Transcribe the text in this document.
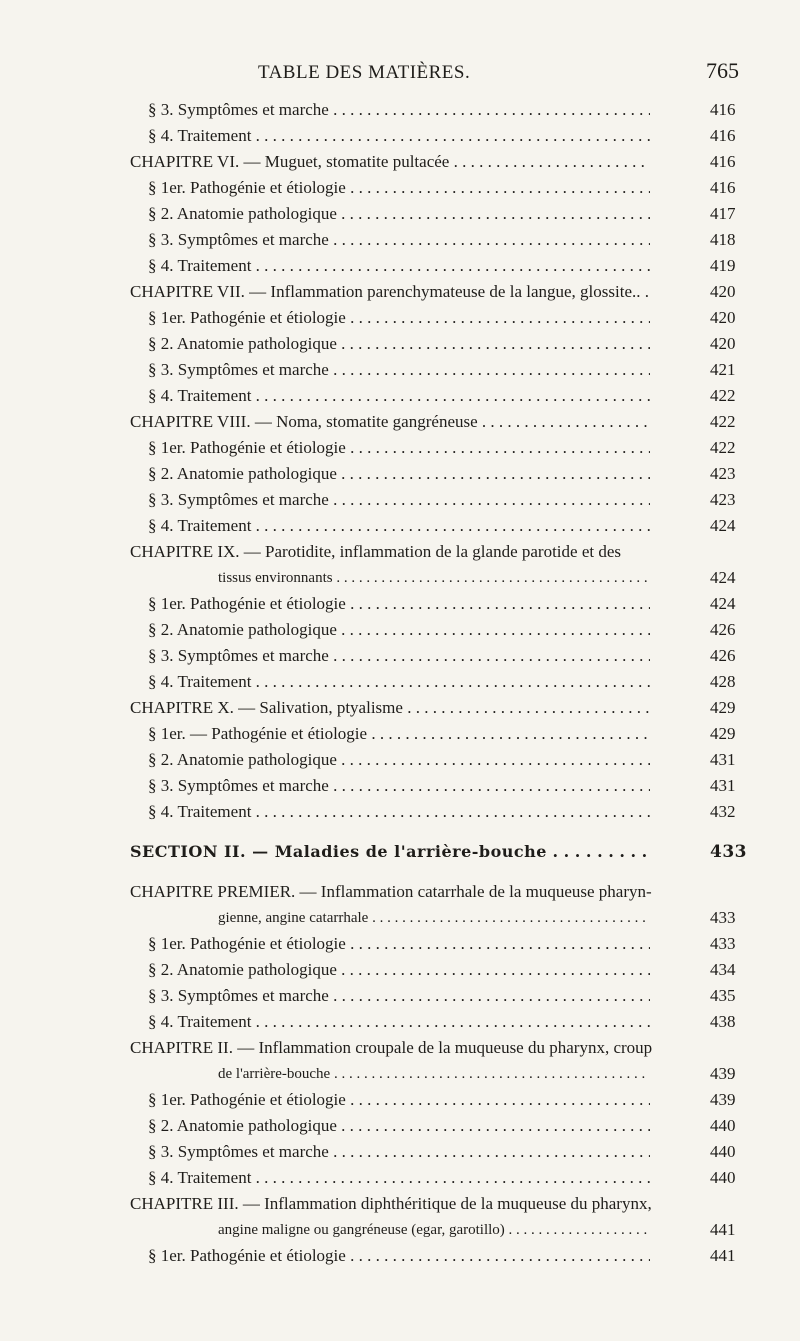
TABLE DES MATIÈRES.	765
§ 3. Symptômes et marche . . .	416
§ 4. Traitement . . .	416
CHAPITRE VI. — Muguet, stomatite pultacée . . .	416
§ 1er. Pathogénie et étiologie . . .	416
§ 2. Anatomie pathologique . . .	417
§ 3. Symptômes et marche . . .	418
§ 4. Traitement . . .	419
CHAPITRE VII. — Inflammation parenchymateuse de la langue, glossite.. . . .	420
§ 1er. Pathogénie et étiologie . . .	420
§ 2. Anatomie pathologique . . .	420
§ 3. Symptômes et marche . . .	421
§ 4. Traitement . . .	422
CHAPITRE VIII. — Noma, stomatite gangréneuse . . .	422
§ 1er. Pathogénie et étiologie . . .	422
§ 2. Anatomie pathologique . . .	423
§ 3. Symptômes et marche . . .	423
§ 4. Traitement . . .	424
CHAPITRE IX. — Parotidite, inflammation de la glande parotide et des
tissus environnants . . .	424
§ 1er. Pathogénie et étiologie . . .	424
§ 2. Anatomie pathologique . . .	426
§ 3. Symptômes et marche . . .	426
§ 4. Traitement . . .	428
CHAPITRE X. — Salivation, ptyalisme . . .	429
§ 1er. — Pathogénie et étiologie . . .	429
§ 2. Anatomie pathologique . . .	431
§ 3. Symptômes et marche . . .	431
§ 4. Traitement . . .	432
SECTION II. — Maladies de l'arrière-bouche . . .	433
CHAPITRE PREMIER. — Inflammation catarrhale de la muqueuse pharyn-
gienne, angine catarrhale . . .	433
§ 1er. Pathogénie et étiologie . . .	433
§ 2. Anatomie pathologique . . .	434
§ 3. Symptômes et marche . . .	435
§ 4. Traitement . . .	438
CHAPITRE II. — Inflammation croupale de la muqueuse du pharynx, croup
de l'arrière-bouche . . .	439
§ 1er. Pathogénie et étiologie . . .	439
§ 2. Anatomie pathologique . . .	440
§ 3. Symptômes et marche . . .	440
§ 4. Traitement . . .	440
CHAPITRE III. — Inflammation diphthéritique de la muqueuse du pharynx,
angine maligne ou gangréneuse (egar, garotillo) . . .	441
§ 1er. Pathogénie et étiologie . . .	441
